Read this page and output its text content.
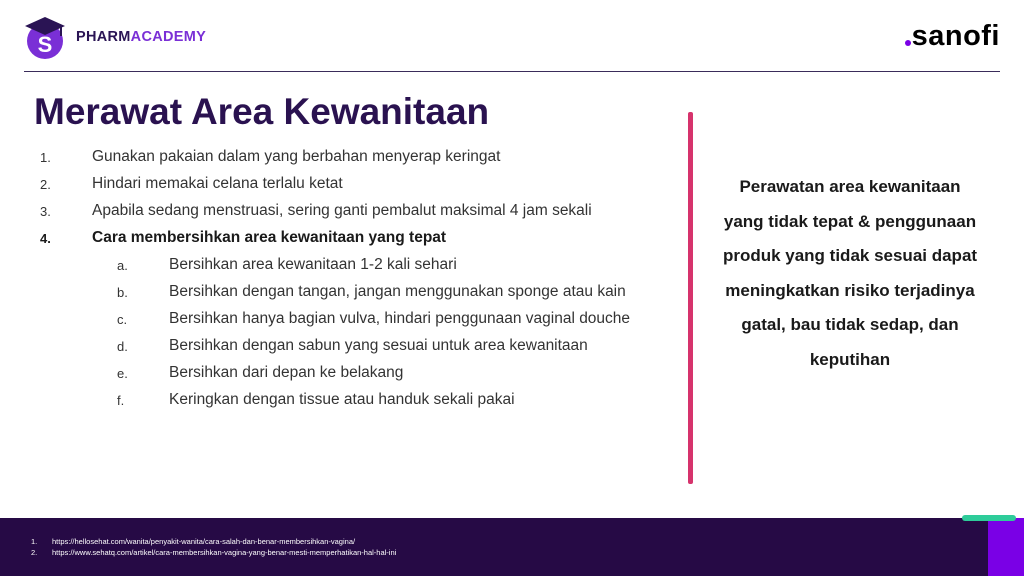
S PHARMACADEMY	sanofi
Merawat Area Kewanitaan
1.	Gunakan pakaian dalam yang berbahan menyerap keringat
2.	Hindari memakai celana terlalu ketat
3.	Apabila sedang menstruasi, sering ganti pembalut maksimal 4 jam sekali
4.	Cara membersihkan area kewanitaan yang tepat
a.	Bersihkan area kewanitaan 1-2 kali sehari
b.	Bersihkan dengan tangan, jangan menggunakan sponge atau kain
c.	Bersihkan hanya bagian vulva, hindari penggunaan vaginal douche
d.	Bersihkan dengan sabun yang sesuai untuk area kewanitaan
e.	Bersihkan dari depan ke belakang
f.	Keringkan dengan tissue atau handuk sekali pakai
Perawatan area kewanitaan yang tidak tepat & penggunaan produk yang tidak sesuai dapat meningkatkan risiko terjadinya gatal, bau tidak sedap, dan keputihan
1. https://hellosehat.com/wanita/penyakit-wanita/cara-salah-dan-benar-membersihkan-vagina/
2. https://www.sehatq.com/artikel/cara-membersihkan-vagina-yang-benar-mesti-memperhatikan-hal-hal-ini
